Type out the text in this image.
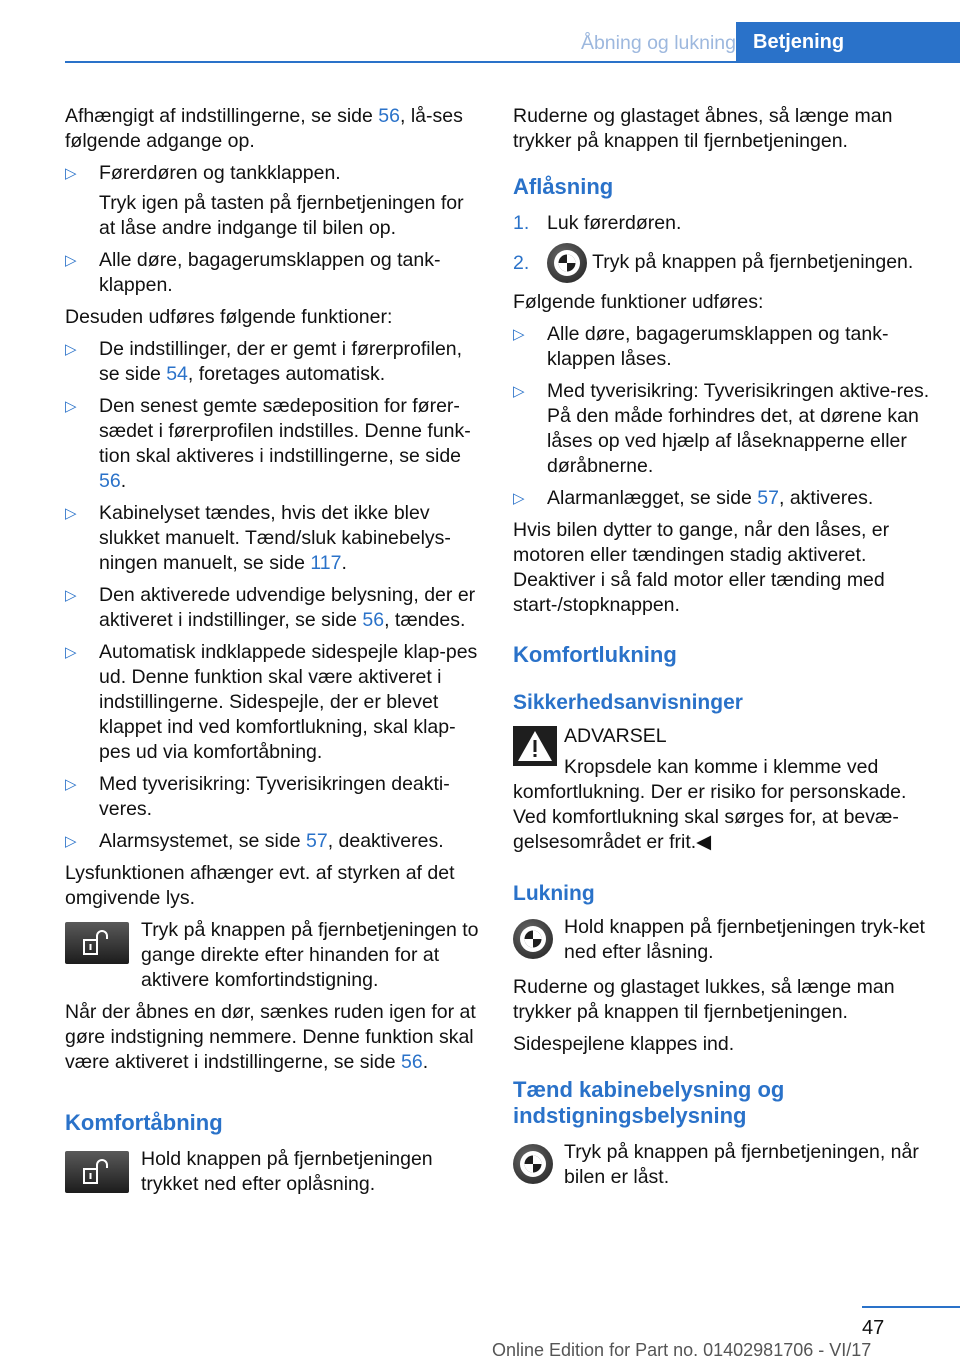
Åbning og lukning Betjening

Afhængigt af indstillingerne, se side 56, lå-ses følgende adgange op.

▷	Førerdøren og tankklappen.

Tryk igen på tasten på fjernbetjeningen for at låse andre indgange til bilen op.

▷	Alle døre, bagagerumsklappen og tank-klappen.

Desuden udføres følgende funktioner:

▷	De indstillinger, der er gemt i førerprofilen, se side 54, foretages automatisk.
▷	Den senest gemte sædeposition for fører-sædet i førerprofilen indstilles. Denne funk-tion skal aktiveres i indstillingerne, se side 56.
▷	Kabinelyset tændes, hvis det ikke blev slukket manuelt. Tænd/sluk kabinebelys-ningen manuelt, se side 117.
▷	Den aktiverede udvendige belysning, der er aktiveret i indstillinger, se side 56, tændes.
▷	Automatisk indklappede sidespejle klap-pes ud. Denne funktion skal være aktiveret i indstillingerne. Sidespejle, der er blevet klappet ind ved komfortlukning, skal klap-pes ud via komfortåbning.
▷	Med tyverisikring: Tyverisikringen deakti-veres.
▷	Alarmsystemet, se side 57, deaktiveres.

Lysfunktionen afhænger evt. af styrken af det omgivende lys.

Tryk på knappen på fjernbetjeningen to gange direkte efter hinanden for at aktivere komfortindstigning.

Når der åbnes en dør, sænkes ruden igen for at gøre indstigning nemmere. Denne funktion skal være aktiveret i indstillingerne, se side 56.

Komfortåbning
Hold knappen på fjernbetjeningen trykket ned efter oplåsning.

Ruderne og glastaget åbnes, så længe man trykker på knappen til fjernbetjeningen.

Aflåsning
1. Luk førerdøren.
2.	Tryk på knappen på fjernbetjeningen.

Følgende funktioner udføres:

▷	Alle døre, bagagerumsklappen og tank-klappen låses.
▷	Med tyverisikring: Tyverisikringen aktive-res. På den måde forhindres det, at dørene kan låses op ved hjælp af låseknapperne eller døråbnerne.
▷	Alarmanlægget, se side 57, aktiveres.

Hvis bilen dytter to gange, når den låses, er motoren eller tændingen stadig aktiveret. Deaktiver i så fald motor eller tænding med start-/stopknappen.

Komfortlukning
Sikkerhedsanvisninger
ADVARSEL

Kropsdele kan komme i klemme ved komfortlukning. Der er risiko for personskade. Ved komfortlukning skal sørges for, at bevæ-gelsesområdet er frit.◀

Lukning
Hold knappen på fjernbetjeningen tryk-ket ned efter låsning.

Ruderne og glastaget lukkes, så længe man trykker på knappen til fjernbetjeningen.

Sidespejlene klappes ind.

Tænd kabinebelysning og indstigningsbelysning
Tryk på knappen på fjernbetjeningen, når bilen er låst.
47
Online Edition for Part no. 01402981706 - VI/17
